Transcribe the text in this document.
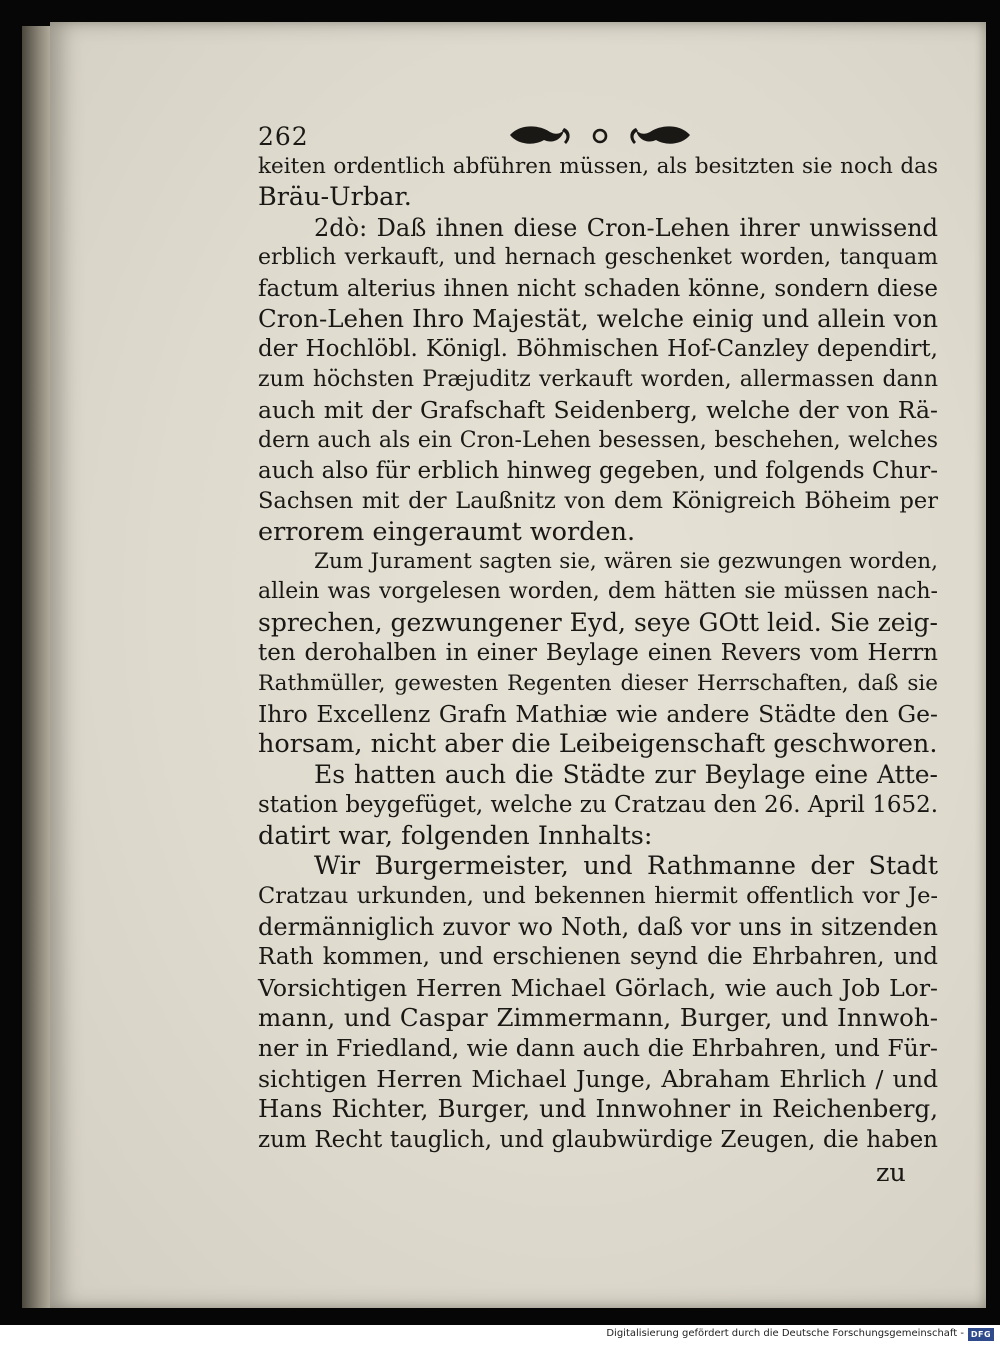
262
keiten ordentlich abführen müssen, als besitzten sie noch das
Bräu-Urbar.
2dò: Daß ihnen diese Cron-Lehen ihrer unwissend
erblich verkauft, und hernach geschenket worden, tanquam
factum alterius ihnen nicht schaden könne, sondern diese
Cron-Lehen Ihro Majestät, welche einig und allein von
der Hochlöbl. Königl. Böhmischen Hof-Canzley dependirt,
zum höchsten Præjuditz verkauft worden, allermassen dann
auch mit der Grafschaft Seidenberg, welche der von Rä-
dern auch als ein Cron-Lehen besessen, beschehen, welches
auch also für erblich hinweg gegeben, und folgends Chur-
Sachsen mit der Laußnitz von dem Königreich Böheim per
errorem eingeraumt worden.
Zum Jurament sagten sie, wären sie gezwungen worden,
allein was vorgelesen worden, dem hätten sie müssen nach-
sprechen, gezwungener Eyd, seye GOtt leid. Sie zeig-
ten derohalben in einer Beylage einen Revers vom Herrn
Rathmüller, gewesten Regenten dieser Herrschaften, daß sie
Ihro Excellenz Grafn Mathiæ wie andere Städte den Ge-
horsam, nicht aber die Leibeigenschaft geschworen.
Es hatten auch die Städte zur Beylage eine Atte-
station beygefüget, welche zu Cratzau den 26. April 1652.
datirt war, folgenden Innhalts:
Wir Burgermeister, und Rathmanne der Stadt
Cratzau urkunden, und bekennen hiermit offentlich vor Je-
dermänniglich zuvor wo Noth, daß vor uns in sitzenden
Rath kommen, und erschienen seynd die Ehrbahren, und
Vorsichtigen Herren Michael Görlach, wie auch Job Lor-
mann, und Caspar Zimmermann, Burger, und Innwoh-
ner in Friedland, wie dann auch die Ehrbahren, und Für-
sichtigen Herren Michael Junge, Abraham Ehrlich / und
Hans Richter, Burger, und Innwohner in Reichenberg,
zum Recht tauglich, und glaubwürdige Zeugen, die haben
zu
Digitalisierung gefördert durch die Deutsche Forschungsgemeinschaft - DFG
